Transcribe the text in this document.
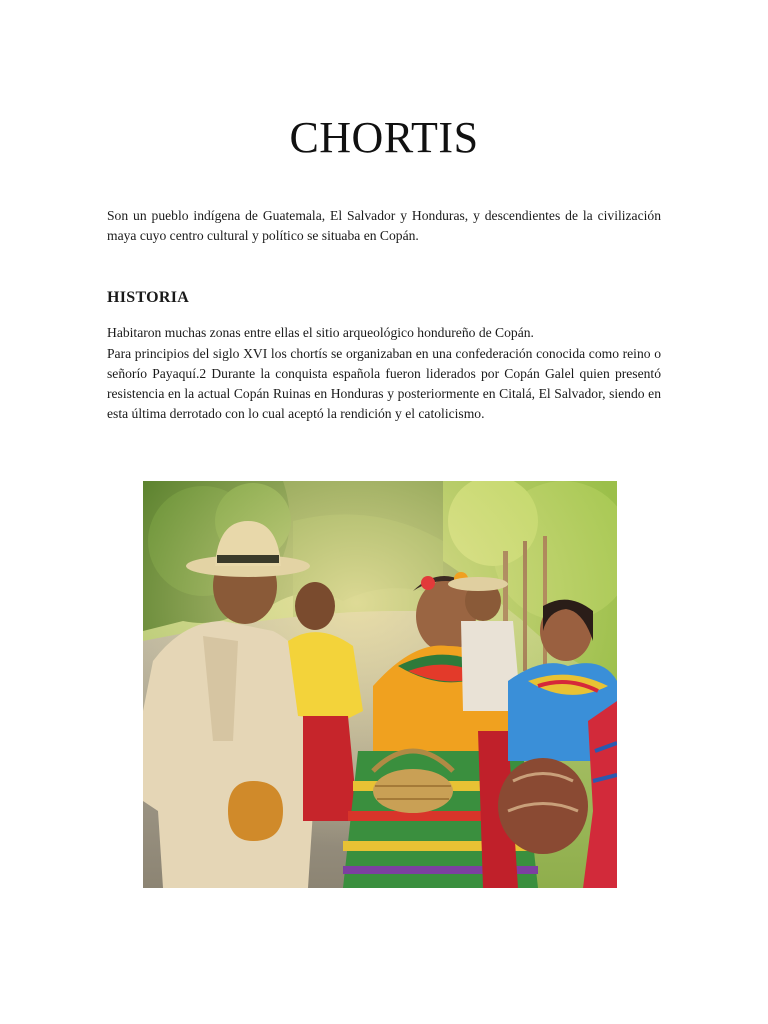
CHORTIS

Son un pueblo indígena de Guatemala, El Salvador y Honduras, y descendientes de la civilización maya cuyo centro cultural y político se situaba en Copán.

HISTORIA

Habitaron muchas zonas entre ellas el sitio arqueológico hondureño de Copán.

Para principios del siglo XVI los chortís se organizaban en una confederación conocida como reino o señorío Payaquí.2 Durante la conquista española fueron liderados por Copán Galel quien presentó resistencia en la actual Copán Ruinas en Honduras y posteriormente en Citalá, El Salvador, siendo en esta última derrotado con lo cual aceptó la rendición y el catolicismo.
